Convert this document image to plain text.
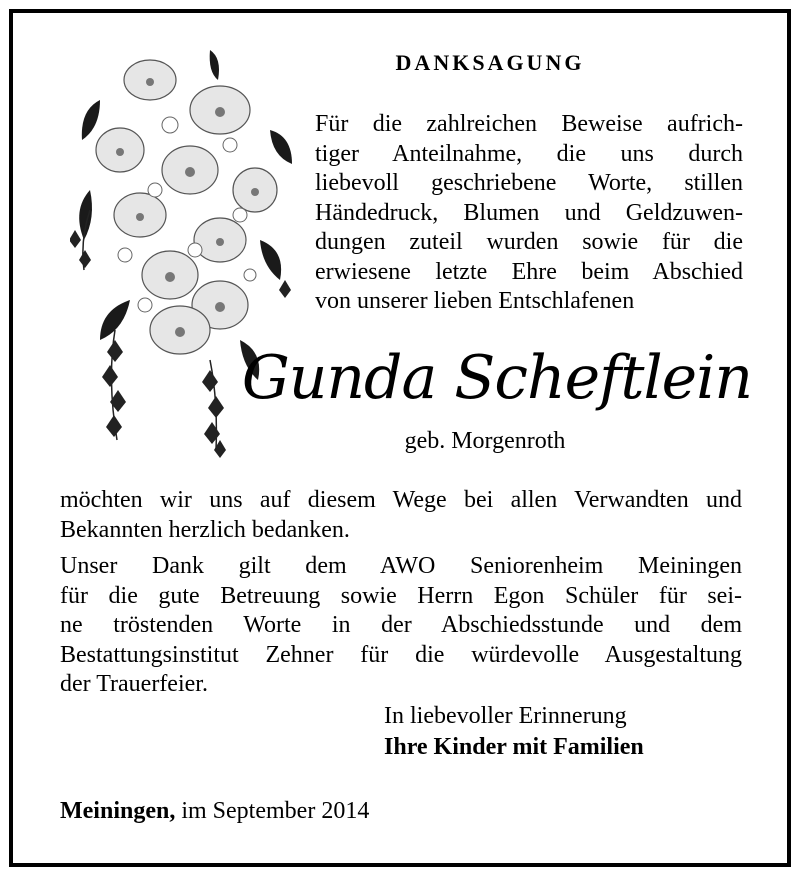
DANKSAGUNG
Für die zahlreichen Beweise aufrich-
tiger Anteilnahme, die uns durch
liebevoll geschriebene Worte, stillen
Händedruck, Blumen und Geldzuwen-
dungen zuteil wurden sowie für die
erwiesene letzte Ehre beim Abschied
von unserer lieben Entschlafenen
Gunda Scheftlein
geb. Morgenroth
möchten wir uns auf diesem Wege bei allen Verwandten und
Bekannten herzlich bedanken.
Unser Dank gilt dem AWO Seniorenheim Meiningen
für die gute Betreuung sowie Herrn Egon Schüler für sei-
ne tröstenden Worte in der Abschiedsstunde und dem
Bestattungsinstitut Zehner für die würdevolle Ausgestaltung
der Trauerfeier.
In liebevoller Erinnerung
Ihre Kinder mit Familien
Meiningen, im September 2014
